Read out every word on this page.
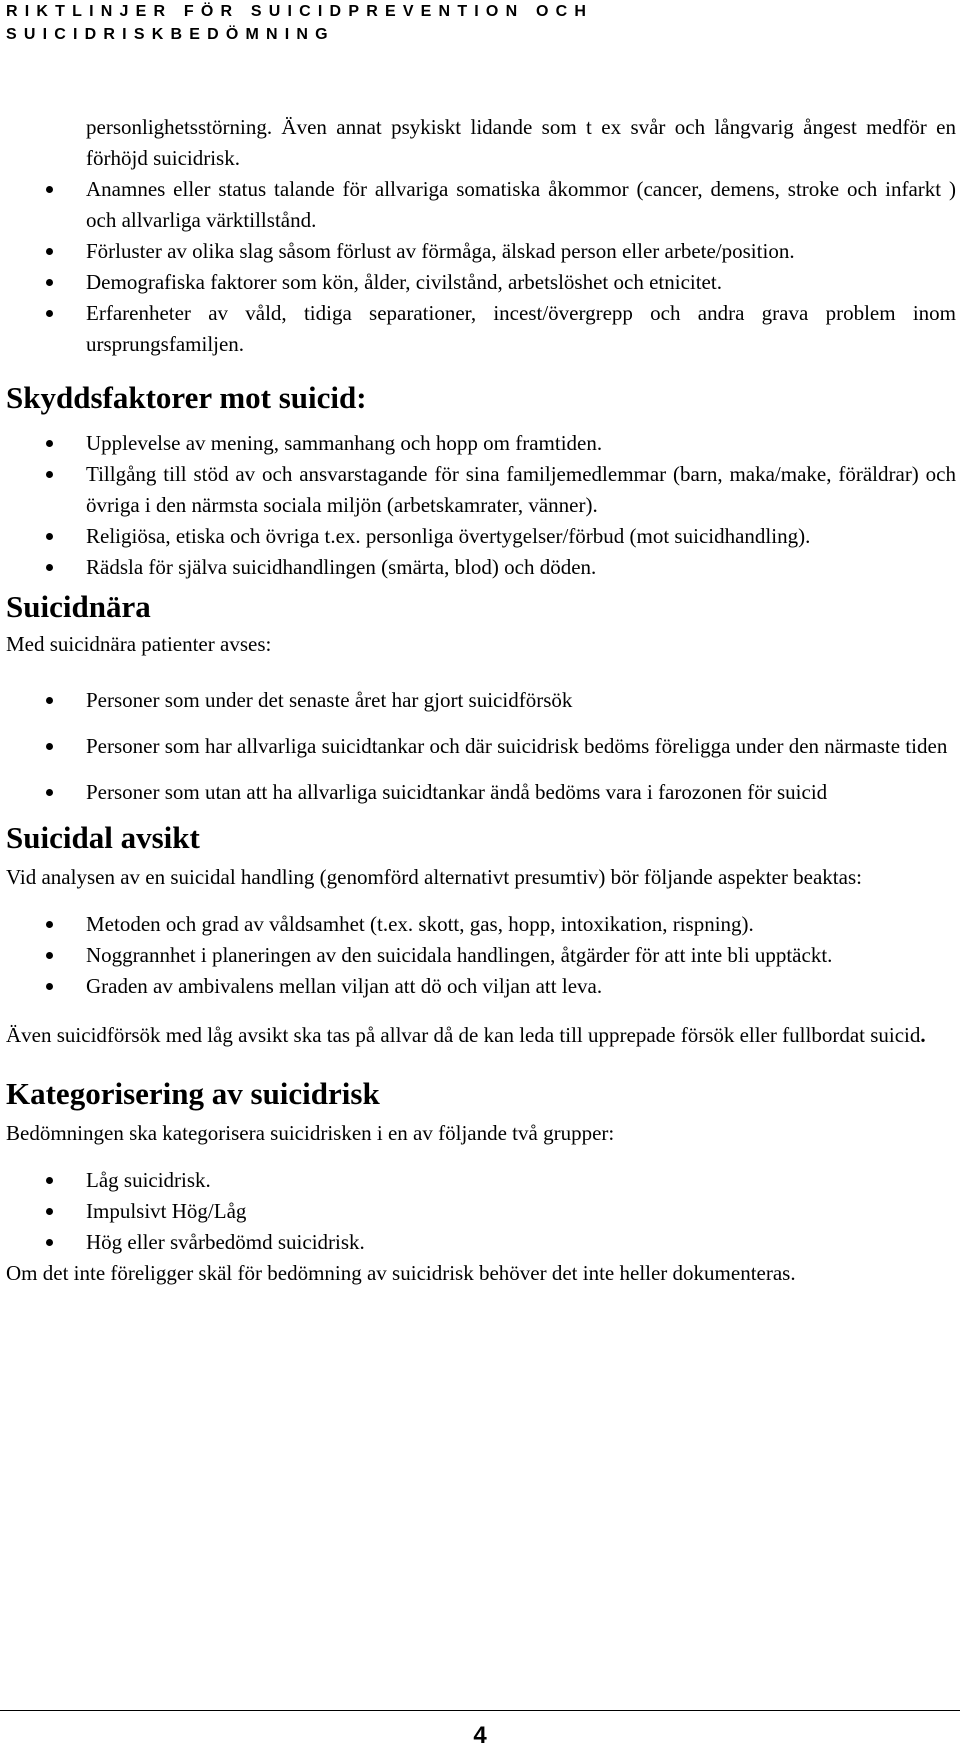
RIKTLINJER FÖR SUICIDPREVENTION OCH
SUICIDRISKBEDÖMNING
personlighetsstörning. Även annat psykiskt lidande som t ex svår och långvarig ångest medför en förhöjd suicidrisk.
Anamnes eller status talande för allvariga somatiska åkommor (cancer, demens, stroke och infarkt ) och allvarliga värktillstånd.
Förluster av olika slag såsom förlust av förmåga, älskad person eller arbete/position.
Demografiska faktorer som kön, ålder, civilstånd, arbetslöshet och etnicitet.
Erfarenheter av våld, tidiga separationer, incest/övergrepp och andra grava problem inom ursprungsfamiljen.
Skyddsfaktorer mot suicid:
Upplevelse av mening, sammanhang och hopp om framtiden.
Tillgång till stöd av och ansvarstagande för sina familjemedlemmar (barn, maka/make, föräldrar) och övriga i den närmsta sociala miljön (arbetskamrater, vänner).
Religiösa, etiska och övriga t.ex. personliga övertygelser/förbud (mot suicidhandling).
Rädsla för själva suicidhandlingen (smärta, blod) och döden.
Suicidnära

Med suicidnära patienter avses:

Personer som under det senaste året har gjort suicidförsök
Personer som har allvarliga suicidtankar och där suicidrisk bedöms föreligga under den närmaste tiden
Personer som utan att ha allvarliga suicidtankar ändå bedöms vara i farozonen för suicid
Suicidal avsikt

Vid analysen av en suicidal handling (genomförd alternativt presumtiv) bör följande aspekter beaktas:

Metoden och grad av våldsamhet (t.ex. skott, gas, hopp, intoxikation, rispning).
Noggrannhet i planeringen av den suicidala handlingen, åtgärder för att inte bli upptäckt.
Graden av ambivalens mellan viljan att dö och viljan att leva.

Även suicidförsök med låg avsikt ska tas på allvar då de kan leda till upprepade försök eller fullbordat suicid.

Kategorisering av suicidrisk

Bedömningen ska kategorisera suicidrisken i en av följande två grupper:

Låg suicidrisk.
Impulsivt Hög/Låg
Hög eller svårbedömd suicidrisk.

Om det inte föreligger skäl för bedömning av suicidrisk behöver det inte heller dokumenteras.

4
